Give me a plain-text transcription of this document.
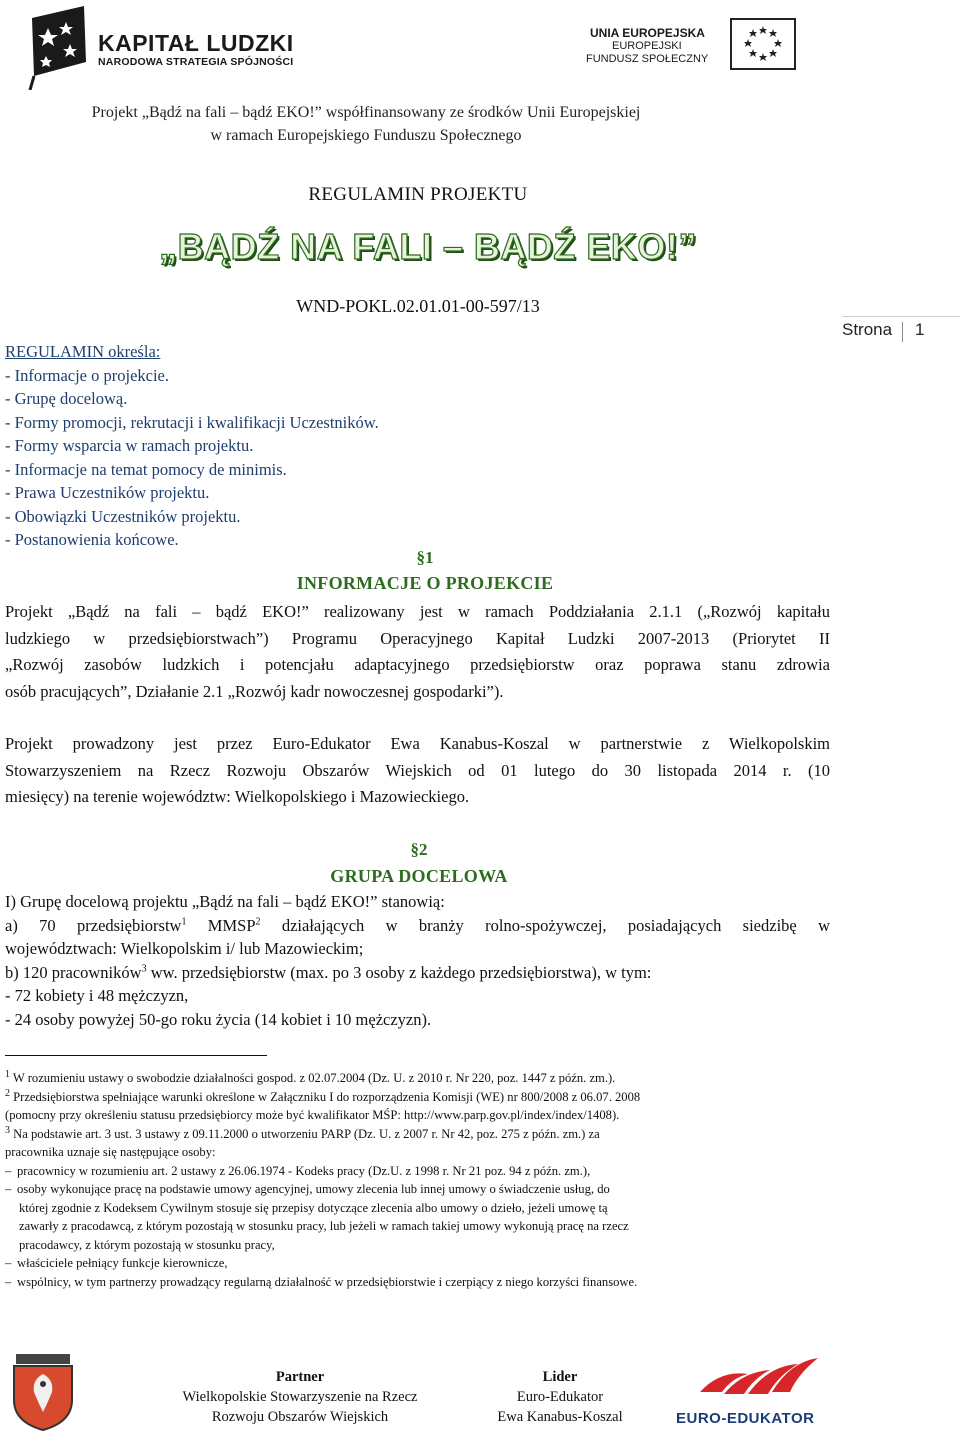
KAPITAŁ LUDZKI
NARODOWA STRATEGIA SPÓJNOŚCI
UNIA EUROPEJSKA
EUROPEJSKI
FUNDUSZ SPOŁECZNY
Projekt „Bądź na fali – bądź EKO!” współfinansowany ze środków Unii Europejskiej
w ramach Europejskiego Funduszu Społecznego
REGULAMIN PROJEKTU
„BĄDŹ NA FALI – BĄDŹ EKO!”
WND-POKL.02.01.01-00-597/13
Strona 1
REGULAMIN określa:
- Informacje o projekcie.
- Grupę docelową.
- Formy promocji, rekrutacji i kwalifikacji Uczestników.
- Formy wsparcia w ramach projektu.
- Informacje na temat pomocy de minimis.
- Prawa Uczestników projektu.
- Obowiązki Uczestników projektu.
- Postanowienia końcowe.
§1
INFORMACJE O PROJEKCIE
Projekt „Bądź na fali – bądź EKO!” realizowany jest w ramach Poddziałania 2.1.1 („Rozwój kapitału
ludzkiego w przedsiębiorstwach”) Programu Operacyjnego Kapitał Ludzki 2007-2013 (Priorytet II
„Rozwój zasobów ludzkich i potencjału adaptacyjnego przedsiębiorstw oraz poprawa stanu zdrowia
osób pracujących”, Działanie 2.1 „Rozwój kadr nowoczesnej gospodarki”).
Projekt prowadzony jest przez Euro-Edukator Ewa Kanabus-Koszal w partnerstwie z Wielkopolskim
Stowarzyszeniem na Rzecz Rozwoju Obszarów Wiejskich od 01 lutego do 30 listopada 2014 r. (10
miesięcy) na terenie województw: Wielkopolskiego i Mazowieckiego.
§2
GRUPA DOCELOWA
I) Grupę docelową projektu „Bądź na fali – bądź EKO!” stanowią:
a) 70 przedsiębiorstw$^1$ MMSP$^2$ działających w branży rolno-spożywczej, posiadających siedzibę w
województwach: Wielkopolskim i/ lub Mazowieckim;
b) 120 pracowników$^3$ ww. przedsiębiorstw (max. po 3 osoby z każdego przedsiębiorstwa), w tym:
- 72 kobiety i 48 mężczyzn,
- 24 osoby powyżej 50-go roku życia (14 kobiet i 10 mężczyzn).
$^1$ W rozumieniu ustawy o swobodzie działalności gospod. z 02.07.2004 (Dz. U. z 2010 r. Nr 220, poz. 1447 z późn. zm.).
$^2$ Przedsiębiorstwa spełniające warunki określone w Załączniku I do rozporządzenia Komisji (WE) nr 800/2008 z 06.07. 2008
(pomocny przy określeniu statusu przedsiębiorcy może być kwalifikator MŚP: http://www.parp.gov.pl/index/index/1408).
$^3$ Na podstawie art. 3 ust. 3 ustawy z 09.11.2000 o utworzeniu PARP (Dz. U. z 2007 r. Nr 42, poz. 275 z późn. zm.) za
pracownika uznaje się następujące osoby:
– pracownicy w rozumieniu art. 2 ustawy z 26.06.1974 - Kodeks pracy (Dz.U. z 1998 r. Nr 21 poz. 94 z późn. zm.),
– osoby wykonujące pracę na podstawie umowy agencyjnej, umowy zlecenia lub innej umowy o świadczenie usług, do
której zgodnie z Kodeksem Cywilnym stosuje się przepisy dotyczące zlecenia albo umowy o dzieło, jeżeli umowę tą
zawarły z pracodawcą, z którym pozostają w stosunku pracy, lub jeżeli w ramach takiej umowy wykonują pracę na rzecz
pracodawcy, z którym pozostają w stosunku pracy,
– właściciele pełniący funkcje kierownicze,
– wspólnicy, w tym partnerzy prowadzący regularną działalność w przedsiębiorstwie i czerpiący z niego korzyści finansowe.
Partner
Wielkopolskie Stowarzyszenie na Rzecz
Rozwoju Obszarów Wiejskich
Lider
Euro-Edukator
Ewa Kanabus-Koszal	EURO-EDUKATOR
